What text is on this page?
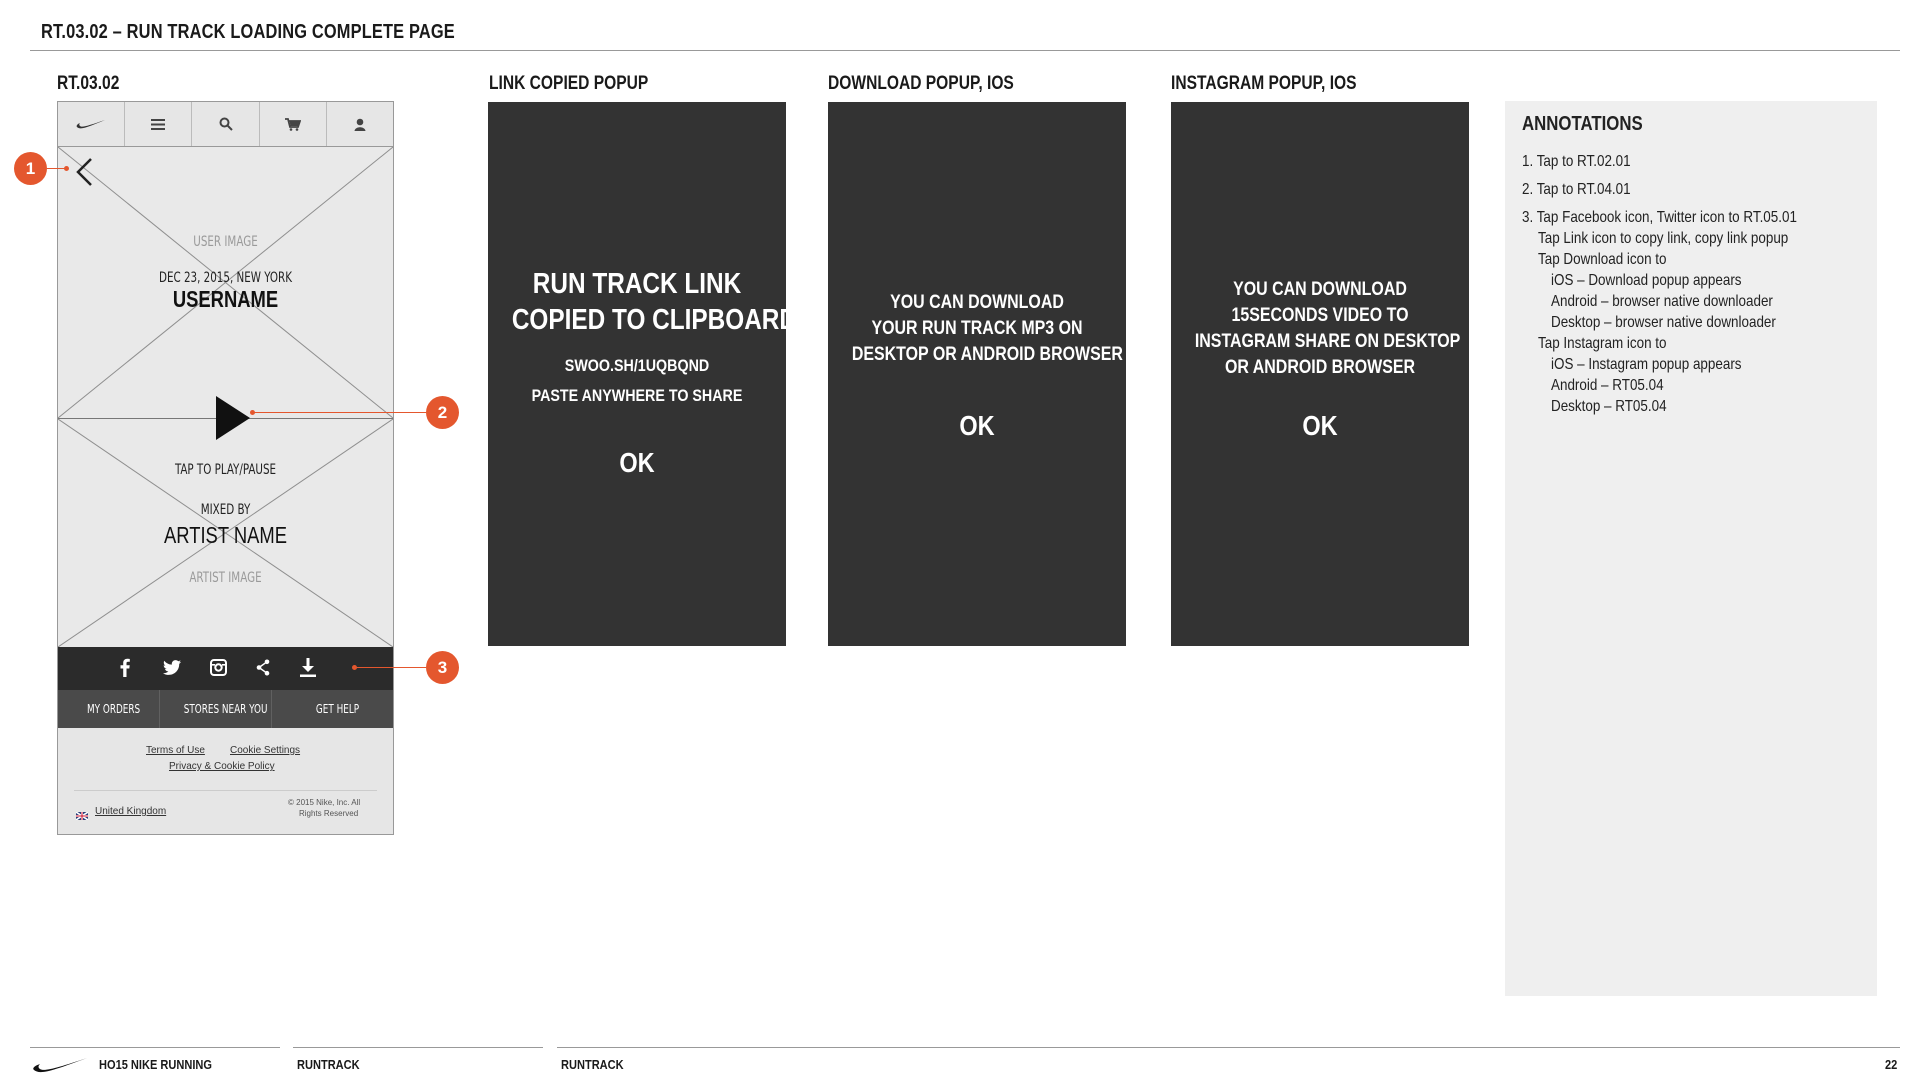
RT.03.02 – RUN TRACK LOADING COMPLETE PAGE
RT.03.02	LINK COPIED POPUP	DOWNLOAD POPUP, IOS	INSTAGRAM POPUP, IOS
USER IMAGE
DEC 23, 2015, NEW YORK
USERNAME
TAP TO PLAY/PAUSE
MIXED BY
ARTIST NAME
ARTIST IMAGE
MY ORDERS	STORES NEAR YOU	GET HELP
Terms of Use	Cookie Settings
Privacy & Cookie Policy
United Kingdom
© 2015 Nike, Inc. All
Rights Reserved
1
2
3
RUN TRACK LINK
COPIED TO CLIPBOARD
SWOO.SH/1UQBQND
PASTE ANYWHERE TO SHARE
OK
YOU CAN DOWNLOAD
YOUR RUN TRACK MP3 ON
DESKTOP OR ANDROID BROWSER
OK
YOU CAN DOWNLOAD
15SECONDS VIDEO TO
INSTAGRAM SHARE ON DESKTOP
OR ANDROID BROWSER
OK
ANNOTATIONS
1. Tap to RT.02.01
2. Tap to RT.04.01
3. Tap Facebook icon, Twitter icon to RT.05.01
Tap Link icon to copy link, copy link popup
Tap Download icon to
iOS – Download popup appears
Android – browser native downloader
Desktop – browser native downloader
Tap Instagram icon to
iOS – Instagram popup appears
Android – RT05.04
Desktop – RT05.04
HO15 NIKE RUNNING	RUNTRACK	RUNTRACK	22
